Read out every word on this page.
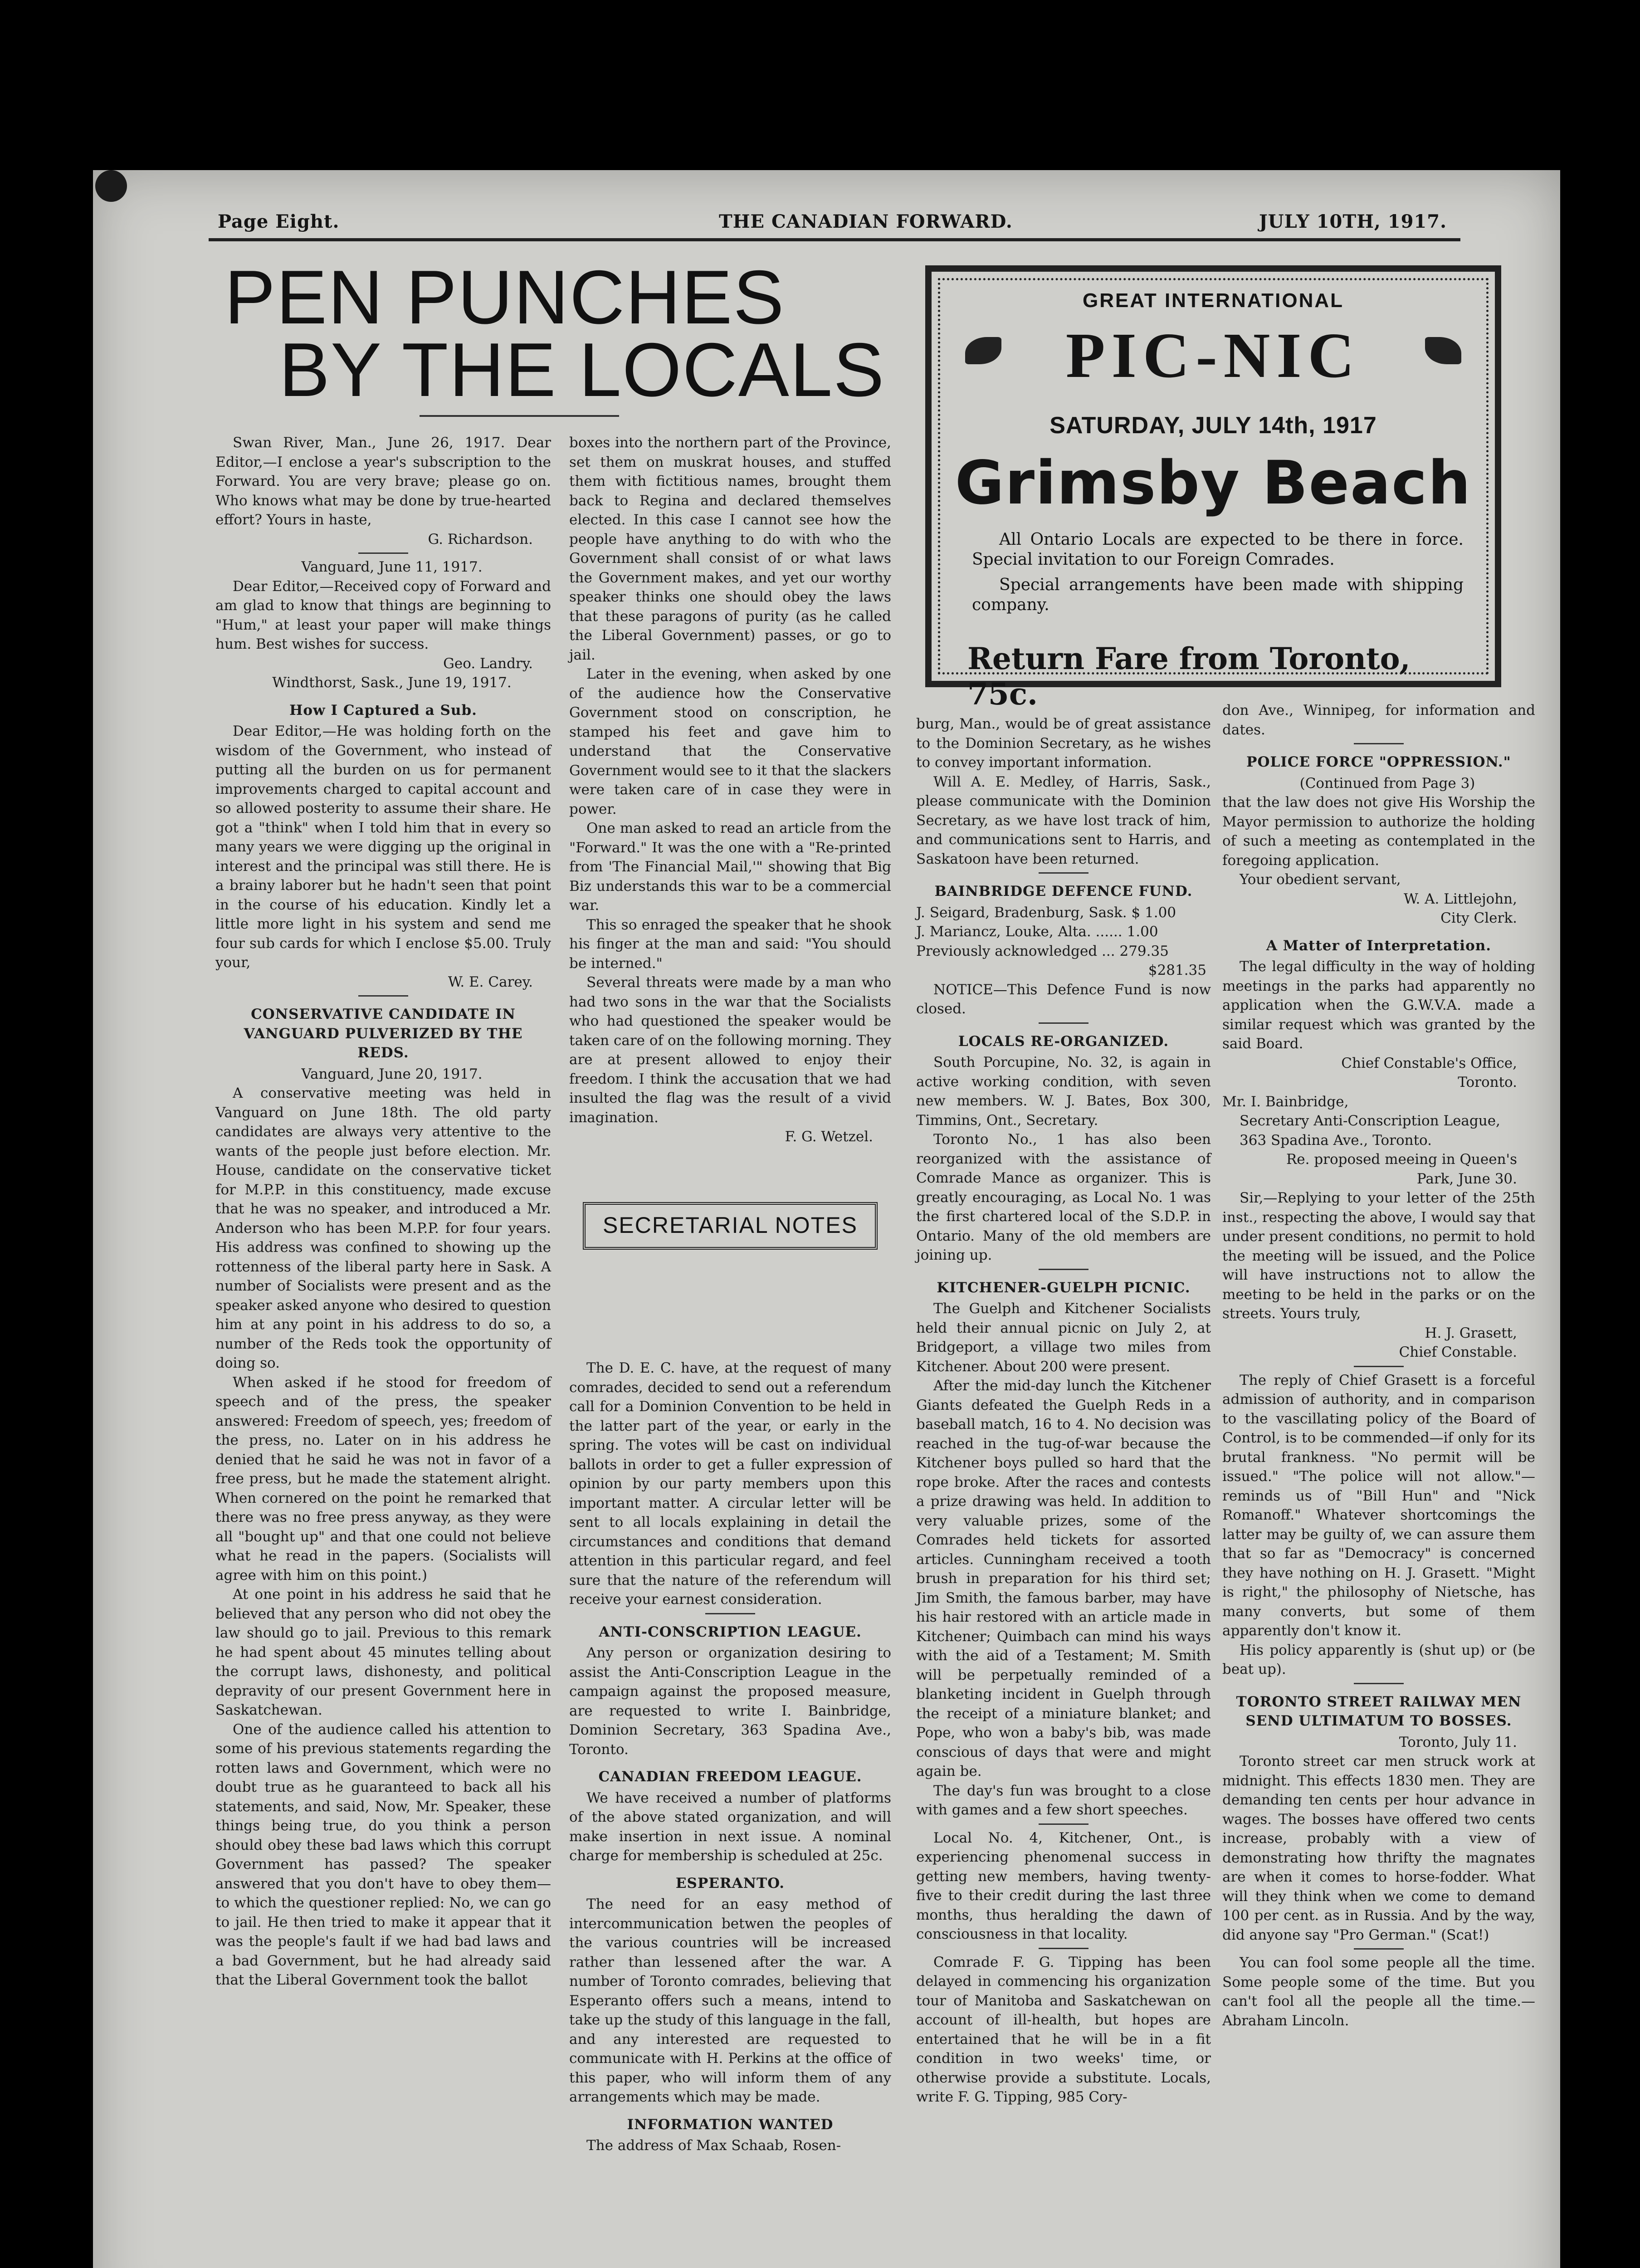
Page Eight.	THE CANADIAN FORWARD.	JULY 10TH, 1917.
PEN PUNCHES
BY THE LOCALS
GREAT INTERNATIONAL
PIC-NIC
SATURDAY, JULY 14th, 1917
Grimsby Beach
All Ontario Locals are expected to be there in force. Special invitation to our Foreign Comrades.
Special arrangements have been made with shipping company.
Return Fare from Toronto, 75c.

Swan River, Man., June 26, 1917. Dear Editor,—I enclose a year's subscription to the Forward. You are very brave; please go on. Who knows what may be done by true-hearted effort? Yours in haste,

G. Richardson.

Vanguard, June 11, 1917.

Dear Editor,—Received copy of Forward and am glad to know that things are beginning to "Hum," at least your paper will make things hum. Best wishes for success.

Geo. Landry.

Windthorst, Sask., June 19, 1917.

How I Captured a Sub.

Dear Editor,—He was holding forth on the wisdom of the Government, who instead of putting all the burden on us for permanent improvements charged to capital account and so allowed posterity to assume their share. He got a "think" when I told him that in every so many years we were digging up the original in interest and the principal was still there. He is a brainy laborer but he hadn't seen that point in the course of his education. Kindly let a little more light in his system and send me four sub cards for which I enclose $5.00. Truly your,

W. E. Carey.

CONSERVATIVE CANDIDATE IN VANGUARD PULVERIZED BY THE REDS.

Vanguard, June 20, 1917.

A conservative meeting was held in Vanguard on June 18th. The old party candidates are always very attentive to the wants of the people just before election. Mr. House, candidate on the conservative ticket for M.P.P. in this constituency, made excuse that he was no speaker, and introduced a Mr. Anderson who has been M.P.P. for four years. His address was confined to showing up the rottenness of the liberal party here in Sask. A number of Socialists were present and as the speaker asked anyone who desired to question him at any point in his address to do so, a number of the Reds took the opportunity of doing so.

When asked if he stood for freedom of speech and of the press, the speaker answered: Freedom of speech, yes; freedom of the press, no. Later on in his address he denied that he said he was not in favor of a free press, but he made the statement alright. When cornered on the point he remarked that there was no free press anyway, as they were all "bought up" and that one could not believe what he read in the papers. (Socialists will agree with him on this point.)

At one point in his address he said that he believed that any person who did not obey the law should go to jail. Previous to this remark he had spent about 45 minutes telling about the corrupt laws, dishonesty, and political depravity of our present Government here in Saskatchewan.

One of the audience called his attention to some of his previous statements regarding the rotten laws and Government, which were no doubt true as he guaranteed to back all his statements, and said, Now, Mr. Speaker, these things being true, do you think a person should obey these bad laws which this corrupt Government has passed? The speaker answered that you don't have to obey them—to which the questioner replied: No, we can go to jail. He then tried to make it appear that it was the people's fault if we had bad laws and a bad Government, but he had already said that the Liberal Government took the ballot

boxes into the northern part of the Province, set them on muskrat houses, and stuffed them with fictitious names, brought them back to Regina and declared themselves elected. In this case I cannot see how the people have anything to do with who the Government shall consist of or what laws the Government makes, and yet our worthy speaker thinks one should obey the laws that these paragons of purity (as he called the Liberal Government) passes, or go to jail.

Later in the evening, when asked by one of the audience how the Conservative Government stood on conscription, he stamped his feet and gave him to understand that the Conservative Government would see to it that the slackers were taken care of in case they were in power.

One man asked to read an article from the "Forward." It was the one with a "Re-printed from 'The Financial Mail,'" showing that Big Biz understands this war to be a commercial war.

This so enraged the speaker that he shook his finger at the man and said: "You should be interned."

Several threats were made by a man who had two sons in the war that the Socialists who had questioned the speaker would be taken care of on the following morning. They are at present allowed to enjoy their freedom. I think the accusation that we had insulted the flag was the result of a vivid imagination.

F. G. Wetzel.

SECRETARIAL NOTES

The D. E. C. have, at the request of many comrades, decided to send out a referendum call for a Dominion Convention to be held in the latter part of the year, or early in the spring. The votes will be cast on individual ballots in order to get a fuller expression of opinion by our party members upon this important matter. A circular letter will be sent to all locals explaining in detail the circumstances and conditions that demand attention in this particular regard, and feel sure that the nature of the referendum will receive your earnest consideration.

ANTI-CONSCRIPTION LEAGUE.

Any person or organization desiring to assist the Anti-Conscription League in the campaign against the proposed measure, are requested to write I. Bainbridge, Dominion Secretary, 363 Spadina Ave., Toronto.

CANADIAN FREEDOM LEAGUE.

We have received a number of platforms of the above stated organization, and will make insertion in next issue. A nominal charge for membership is scheduled at 25c.

ESPERANTO.

The need for an easy method of intercommunication betwen the peoples of the various countries will be increased rather than lessened after the war. A number of Toronto comrades, believing that Esperanto offers such a means, intend to take up the study of this language in the fall, and any interested are requested to communicate with H. Perkins at the office of this paper, who will inform them of any arrangements which may be made.

INFORMATION WANTED

The address of Max Schaab, Rosen-

burg, Man., would be of great assistance to the Dominion Secretary, as he wishes to convey important information.

Will A. E. Medley, of Harris, Sask., please communicate with the Dominion Secretary, as we have lost track of him, and communications sent to Harris, and Saskatoon have been returned.

BAINBRIDGE DEFENCE FUND.

J. Seigard, Bradenburg, Sask. $ 1.00

J. Mariancz, Louke, Alta. ...... 1.00

Previously acknowledged ... 279.35

$281.35

NOTICE—This Defence Fund is now closed.

LOCALS RE-ORGANIZED.

South Porcupine, No. 32, is again in active working condition, with seven new members. W. J. Bates, Box 300, Timmins, Ont., Secretary.

Toronto No., 1 has also been reorganized with the assistance of Comrade Mance as organizer. This is greatly encouraging, as Local No. 1 was the first chartered local of the S.D.P. in Ontario. Many of the old members are joining up.

KITCHENER-GUELPH PICNIC.

The Guelph and Kitchener Socialists held their annual picnic on July 2, at Bridgeport, a village two miles from Kitchener. About 200 were present.

After the mid-day lunch the Kitchener Giants defeated the Guelph Reds in a baseball match, 16 to 4. No decision was reached in the tug-of-war because the Kitchener boys pulled so hard that the rope broke. After the races and contests a prize drawing was held. In addition to very valuable prizes, some of the Comrades held tickets for assorted articles. Cunningham received a tooth brush in preparation for his third set; Jim Smith, the famous barber, may have his hair restored with an article made in Kitchener; Quimbach can mind his ways with the aid of a Testament; M. Smith will be perpetually reminded of a blanketing incident in Guelph through the receipt of a miniature blanket; and Pope, who won a baby's bib, was made conscious of days that were and might again be.

The day's fun was brought to a close with games and a few short speeches.

Local No. 4, Kitchener, Ont., is experiencing phenomenal success in getting new members, having twenty-five to their credit during the last three months, thus heralding the dawn of consciousness in that locality.

Comrade F. G. Tipping has been delayed in commencing his organization tour of Manitoba and Saskatchewan on account of ill-health, but hopes are entertained that he will be in a fit condition in two weeks' time, or otherwise provide a substitute. Locals, write F. G. Tipping, 985 Cory-

don Ave., Winnipeg, for information and dates.

POLICE FORCE "OPPRESSION."

(Continued from Page 3)

that the law does not give His Worship the Mayor permission to authorize the holding of such a meeting as contemplated in the foregoing application.

Your obedient servant,

W. A. Littlejohn,

City Clerk.

A Matter of Interpretation.

The legal difficulty in the way of holding meetings in the parks had apparently no application when the G.W.V.A. made a similar request which was granted by the said Board.

Chief Constable's Office,

Toronto.

Mr. I. Bainbridge,

Secretary Anti-Conscription League,

363 Spadina Ave., Toronto.

Re. proposed meeing in Queen's

Park, June 30.

Sir,—Replying to your letter of the 25th inst., respecting the above, I would say that under present conditions, no permit to hold the meeting will be issued, and the Police will have instructions not to allow the meeting to be held in the parks or on the streets. Yours truly,

H. J. Grasett,

Chief Constable.

The reply of Chief Grasett is a forceful admission of authority, and in comparison to the vascillating policy of the Board of Control, is to be commended—if only for its brutal frankness. "No permit will be issued." "The police will not allow."—reminds us of "Bill Hun" and "Nick Romanoff." Whatever shortcomings the latter may be guilty of, we can assure them that so far as "Democracy" is concerned they have nothing on H. J. Grasett. "Might is right," the philosophy of Nietsche, has many converts, but some of them apparently don't know it.

His policy apparently is (shut up) or (be beat up).

TORONTO STREET RAILWAY MEN SEND ULTIMATUM TO BOSSES.

Toronto, July 11.

Toronto street car men struck work at midnight. This effects 1830 men. They are demanding ten cents per hour advance in wages. The bosses have offered two cents increase, probably with a view of demonstrating how thrifty the magnates are when it comes to horse-fodder. What will they think when we come to demand 100 per cent. as in Russia. And by the way, did anyone say "Pro German." (Scat!)

You can fool some people all the time. Some people some of the time. But you can't fool all the people all the time.—Abraham Lincoln.
